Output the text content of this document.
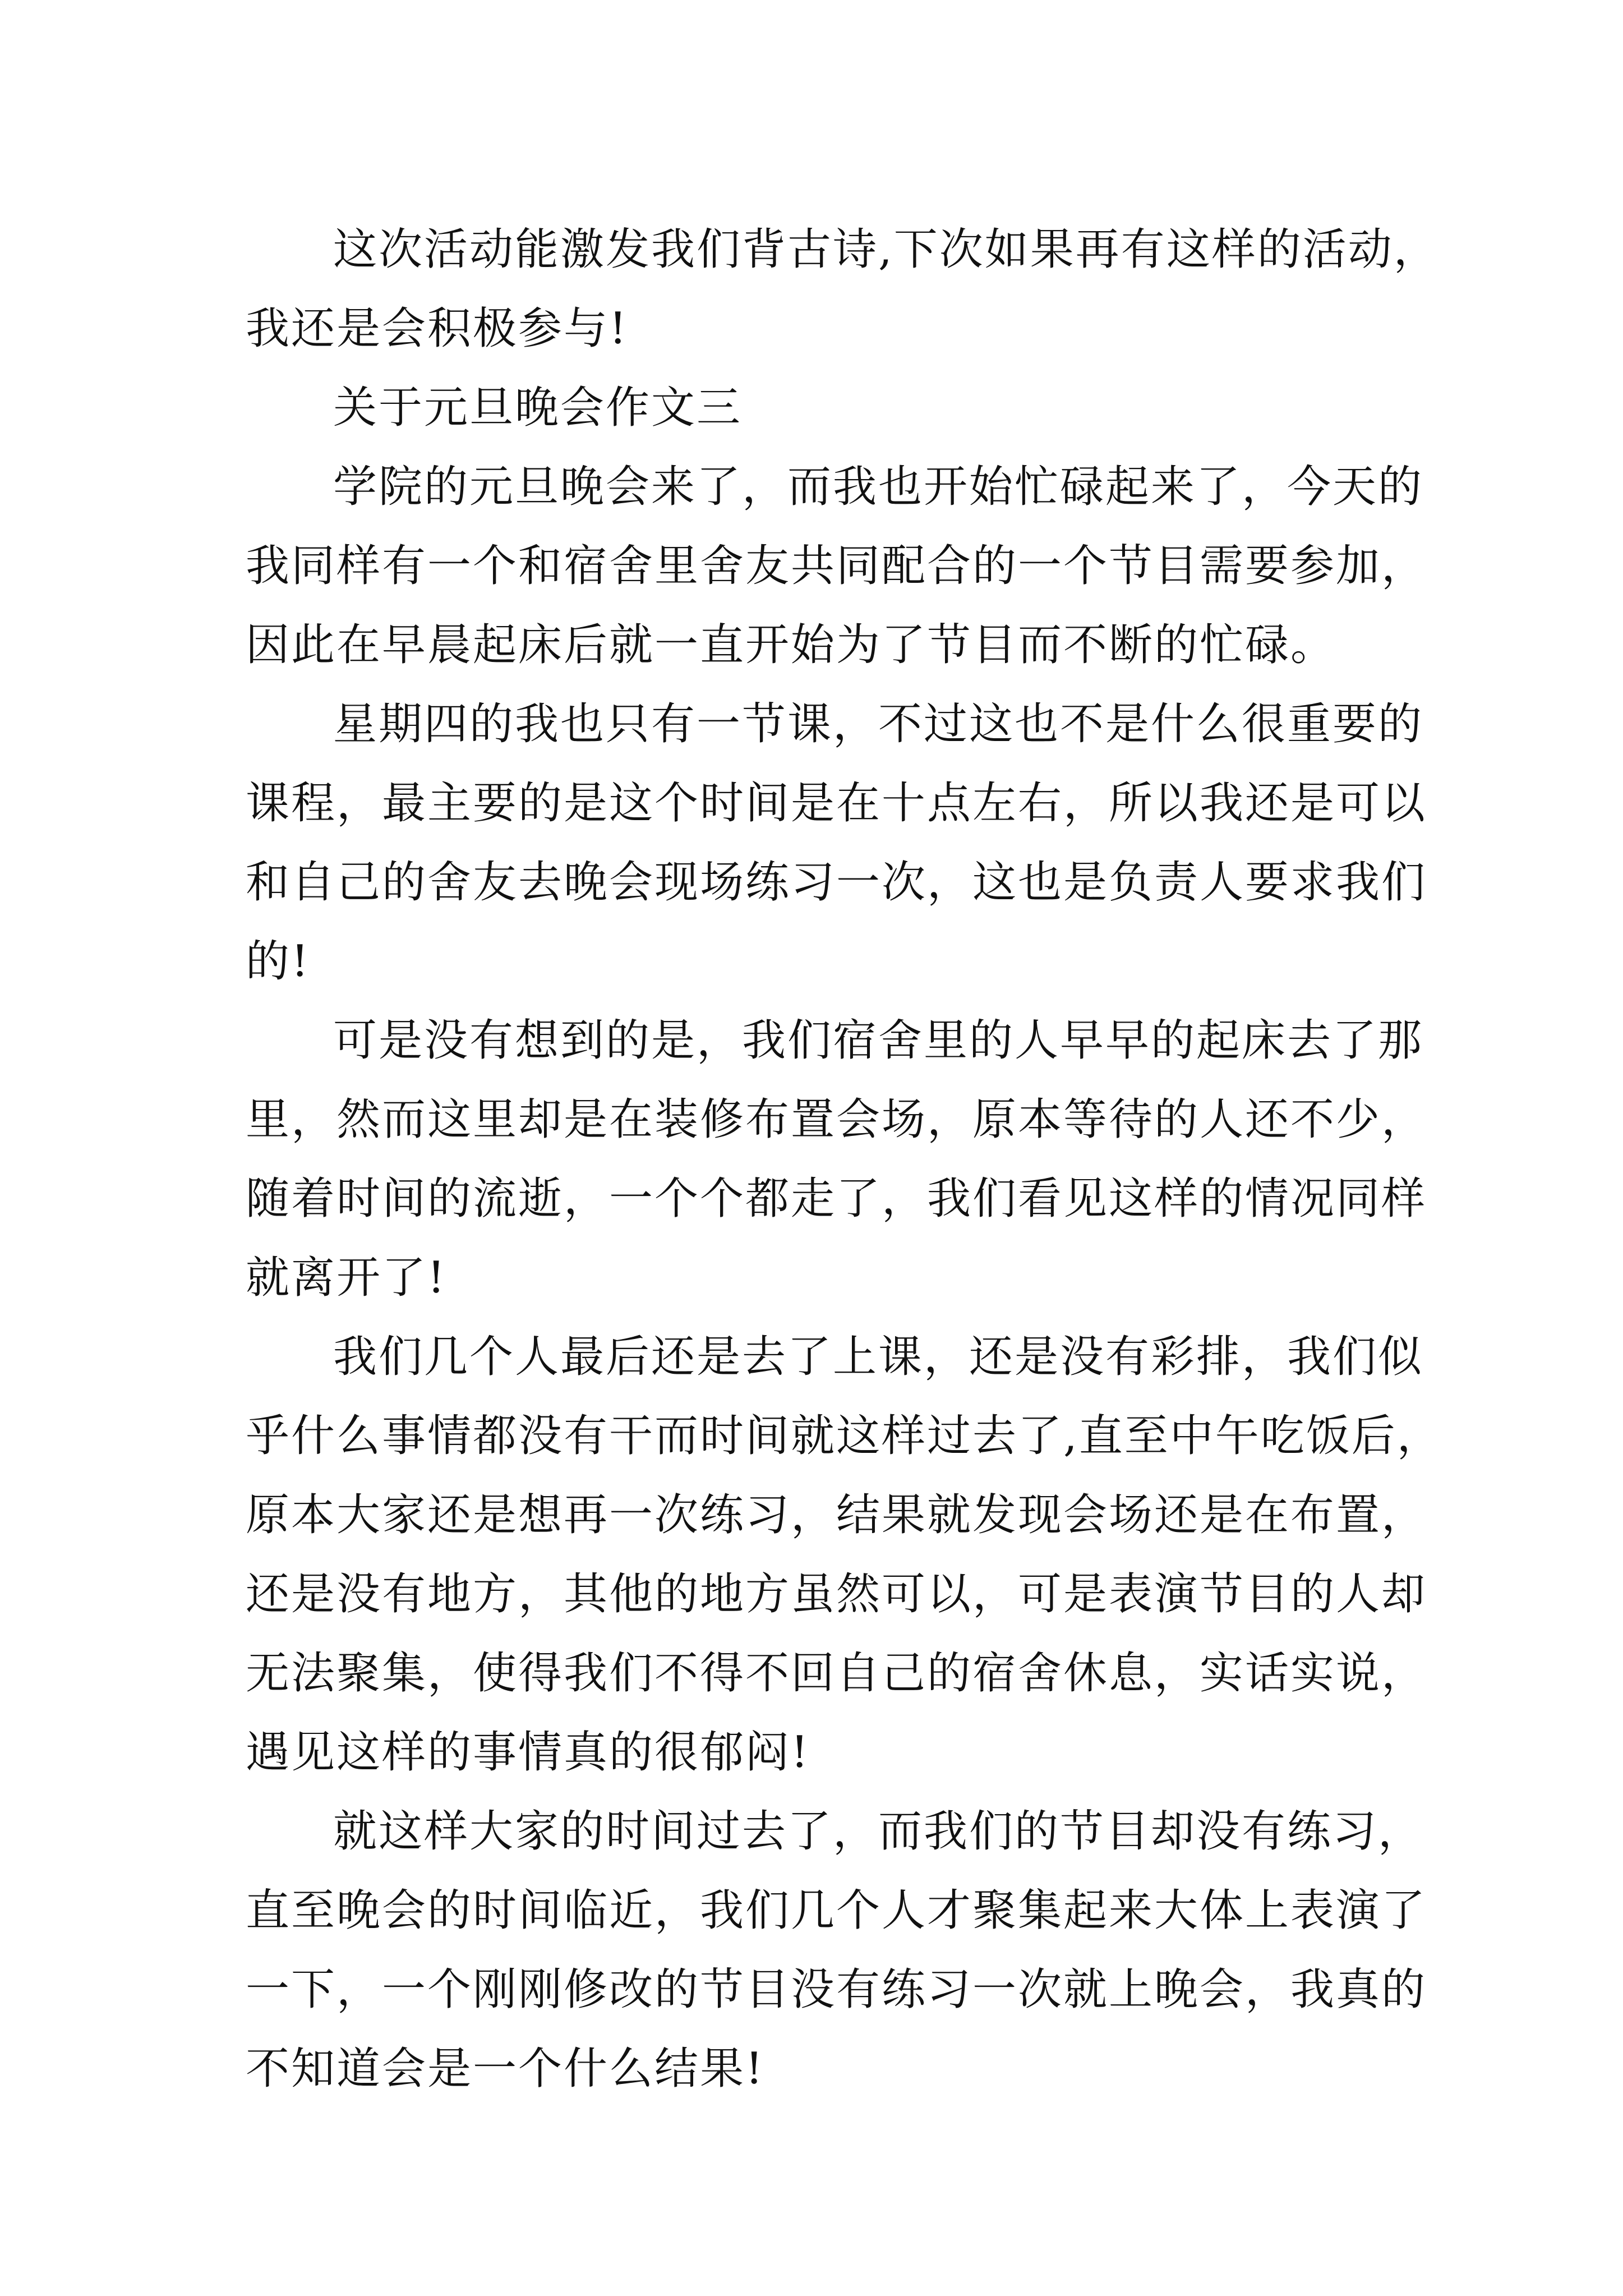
这次活动能激发我们背古诗,下次如果再有这样的活动，我还是会积极参与!

关于元旦晚会作文三

学院的元旦晚会来了，而我也开始忙碌起来了，今天的我同样有一个和宿舍里舍友共同配合的一个节目需要参加，因此在早晨起床后就一直开始为了节目而不断的忙碌。

星期四的我也只有一节课，不过这也不是什么很重要的课程，最主要的是这个时间是在十点左右，所以我还是可以和自己的舍友去晚会现场练习一次，这也是负责人要求我们的!

可是没有想到的是，我们宿舍里的人早早的起床去了那里，然而这里却是在装修布置会场，原本等待的人还不少，随着时间的流逝，一个个都走了，我们看见这样的情况同样就离开了!

我们几个人最后还是去了上课，还是没有彩排，我们似乎什么事情都没有干而时间就这样过去了,直至中午吃饭后，原本大家还是想再一次练习，结果就发现会场还是在布置，还是没有地方，其他的地方虽然可以，可是表演节目的人却无法聚集，使得我们不得不回自己的宿舍休息，实话实说，遇见这样的事情真的很郁闷!

就这样大家的时间过去了，而我们的节目却没有练习，直至晚会的时间临近，我们几个人才聚集起来大体上表演了一下，一个刚刚修改的节目没有练习一次就上晚会，我真的不知道会是一个什么结果!
